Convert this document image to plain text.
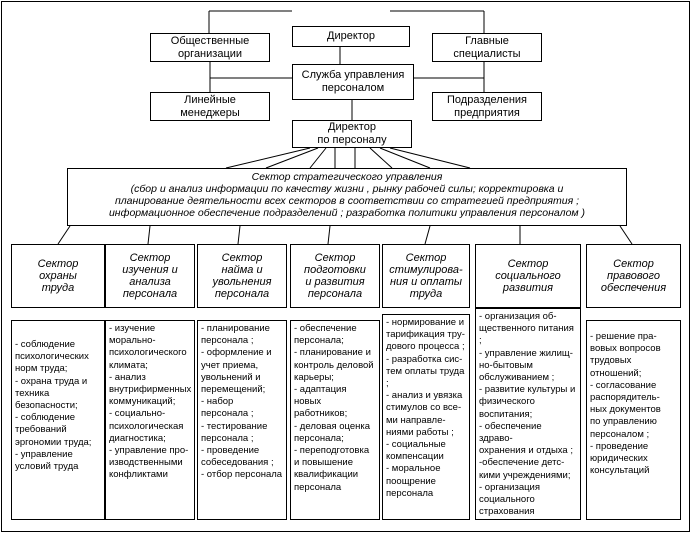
Директор
Общественные
организации
Главные
специалисты
Служба управления
персоналом
Линейные
менеджеры
Подразделения
предприятия
Директор
по персоналу
Сектор стратегического управления
(сбор и анализ информации по качеству жизни , рынку рабочей силы; корректировка и
планирование деятельности всех секторов в соответствии со стратегией предприятия ;
информационное обеспечение подразделений ; разработка политики управления персоналом )
Сектор
охраны
труда
Сектор
изучения и
анализа
персонала
Сектор
найма и
увольнения
персонала
Сектор
подготовки
и развития
персонала
Сектор
стимулирова-
ния и оплаты
труда
Сектор
социального
развития
Сектор
правового
обеспечения
- соблюдение
психологических
норм труда;
- охрана труда и
техника
безопасности;
- соблюдение
требований
эргономии труда;
- управление
условий труда
- изучение
морально-
психологического
климата;
- анализ
внутрифирменных
коммуникаций;
- социально-
психологическая
диагностика;
- управление про-
изводственными
конфликтами
- планирование
персонала ;
- оформление и
учет приема,
увольнений и
перемещений;
- набор
персонала ;
- тестирование
персонала ;
- проведение
собеседования ;
- отбор персонала
- обеспечение
персонала;
- планирование и
контроль деловой
карьеры;
- адаптация новых
работников;
- деловая оценка
персонала;
- переподготовка
и повышение
квалификации
персонала
- нормирование и
тарификация тру-
дового процесса ;
- разработка сис-
тем оплаты труда ;
- анализ и увязка
стимулов со все-
ми направле-
ниями работы ;
- социальные
компенсации
- моральное
поощрение
персонала
- организация об-
щественного питания ;
- управление жилищ-
но-бытовым
обслуживанием ;
- развитие культуры и
физического
воспитания;
- обеспечение здраво-
охранения и отдыха ;
-обеспечение детс-
кими учреждениями;
- организация
социального
страхования
- решение пра-
вовых вопросов
трудовых
отношений;
- согласование
распорядитель-
ных документов
по управлению
персоналом ;
- проведение
юридических
консультаций
